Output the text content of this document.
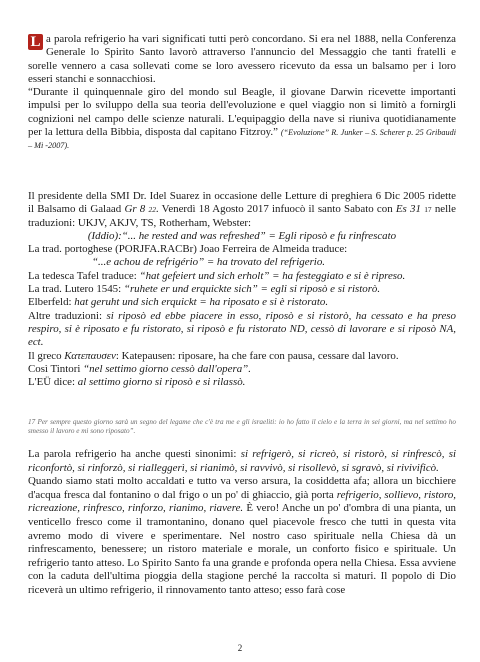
L a parola refrigerio ha vari significati tutti però concordano. Si era nel 1888, nella Conferenza Generale lo Spirito Santo lavorò attraverso l'annuncio del Messaggio che tanti fratelli e sorelle vennero a casa sollevati come se loro avessero ricevuto da essa un balsamo per i loro esseri stanchi e sonnacchiosi.

“Durante il quinquennale giro del mondo sul Beagle, il giovane Darwin ricevette importanti impulsi per lo sviluppo della sua teoria dell'evoluzione e quel viaggio non si limitò a fornirgli cognizioni nel campo delle scienze naturali. L'equipaggio della nave si riuniva quotidianamente per la lettura della Bibbia, disposta dal capitano Fitzroy.” (“Evoluzione” R. Junker – S. Scherer p. 25 Gribaudi – Mi -2007).

Il presidente della SMI Dr. Idel Suarez in occasione delle Letture di preghiera 6 Dic 2005 ridette il Balsamo di Galaad Gr 8 22. Venerdì 18 Agosto 2017 infuocò il santo Sabato con Es 31 17 nelle traduzioni: UKJV, AKJV, TS, Rotherham, Webster:

(Iddio):“... he rested and was refreshed” = Egli riposò e fu rinfrescato

La trad. portoghese (PORJFA.RACBr) Joao Ferreira de Almeida traduce:

“...e achou de refrigério” = ha trovato del refrigerio.

La tedesca Tafel traduce: “hat gefeiert und sich erholt” = ha festeggiato e si è ripreso.

La trad. Lutero 1545: “ruhete er und erquickte sich” = egli si riposò e si ristorò.

Elberfeld: hat geruht und sich erquickt = ha riposato e si è ristorato.

Altre traduzioni: si riposò ed ebbe piacere in esso, riposò e si ristorò, ha cessato e ha preso respiro, si è riposato e fu ristorato, si riposò e fu ristorato ND, cessò di lavorare e si riposò NA, ect.

Il greco Κατεπαυσεν: Katepausen: riposare, ha che fare con pausa, cessare dal lavoro.

Così Tintori “nel settimo giorno cessò dall'opera”.

L'EÜ dice: al settimo giorno si riposò e si rilassò.

17 Per sempre questo giorno sarà un segno del legame che c'è tra me e gli israeliti: io ho fatto il cielo e la terra in sei giorni, ma nel settimo ho smesso il lavoro e mi sono riposato”.

La parola refrigerio ha anche questi sinonimi: si refrigerò, si ricreò, si ristorò, si rinfrescò, si riconfortò, si rinforzò, si rialleggerì, si rianimò, si ravvivò, si risollevò, si sgravò, si rivivificò.

Quando siamo stati molto accaldati e tutto va verso arsura, la cosiddetta afa; allora un bicchiere d'acqua fresca dal fontanino o dal frigo o un po' di ghiaccio, già porta refrigerio, sollievo, ristoro, ricreazione, rinfresco, rinforzo, rianimo, riavere. È vero! Anche un po' d'ombra di una pianta, un venticello fresco come il tramontanino, donano quel piacevole fresco che tutti in questa vita avremo modo di vivere e sperimentare. Nel nostro caso spirituale nella Chiesa dà un rinfrescamento, benessere; un ristoro materiale e morale, un conforto fisico e spirituale. Un refrigerio tanto atteso. Lo Spirito Santo fa una grande e profonda opera nella Chiesa. Essa avviene con la caduta dell'ultima pioggia della stagione perché la raccolta si maturi. Il popolo di Dio riceverà un ultimo refrigerio, il rinnovamento tanto atteso; esso farà cose

2
